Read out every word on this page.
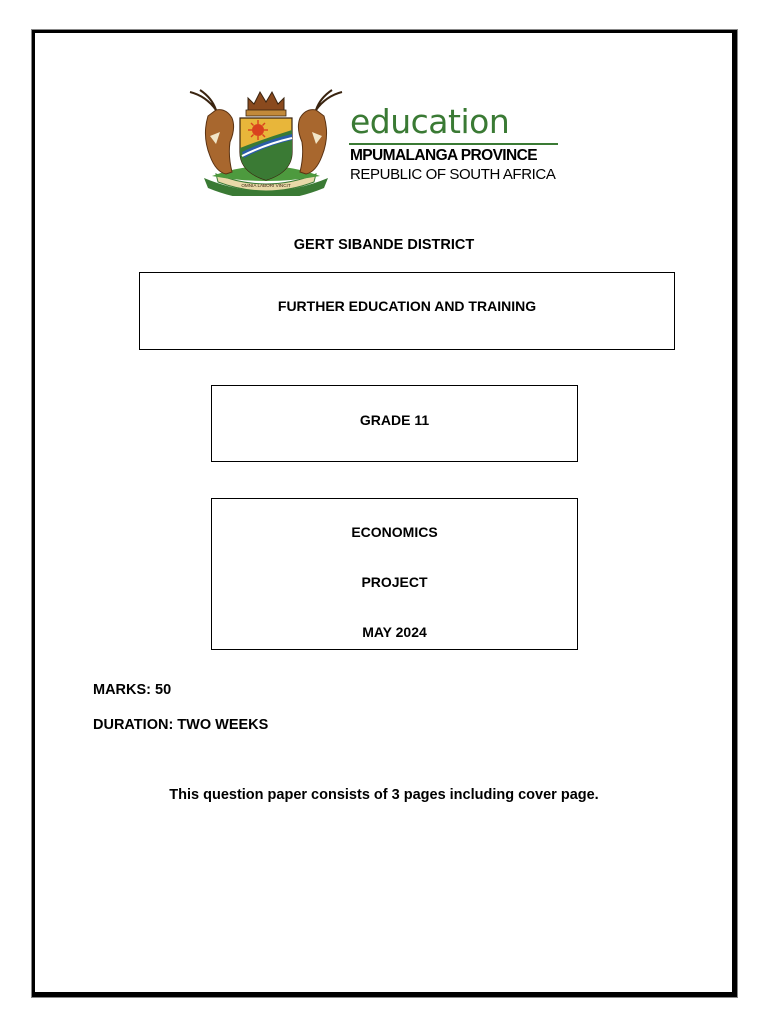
OMNIA LABORI VINCIT
education
MPUMALANGA PROVINCE
REPUBLIC OF SOUTH AFRICA
GERT SIBANDE DISTRICT
FURTHER EDUCATION AND TRAINING
GRADE 11
ECONOMICS
PROJECT
MAY 2024
MARKS: 50
DURATION: TWO WEEKS
This question paper consists of 3 pages including cover page.
